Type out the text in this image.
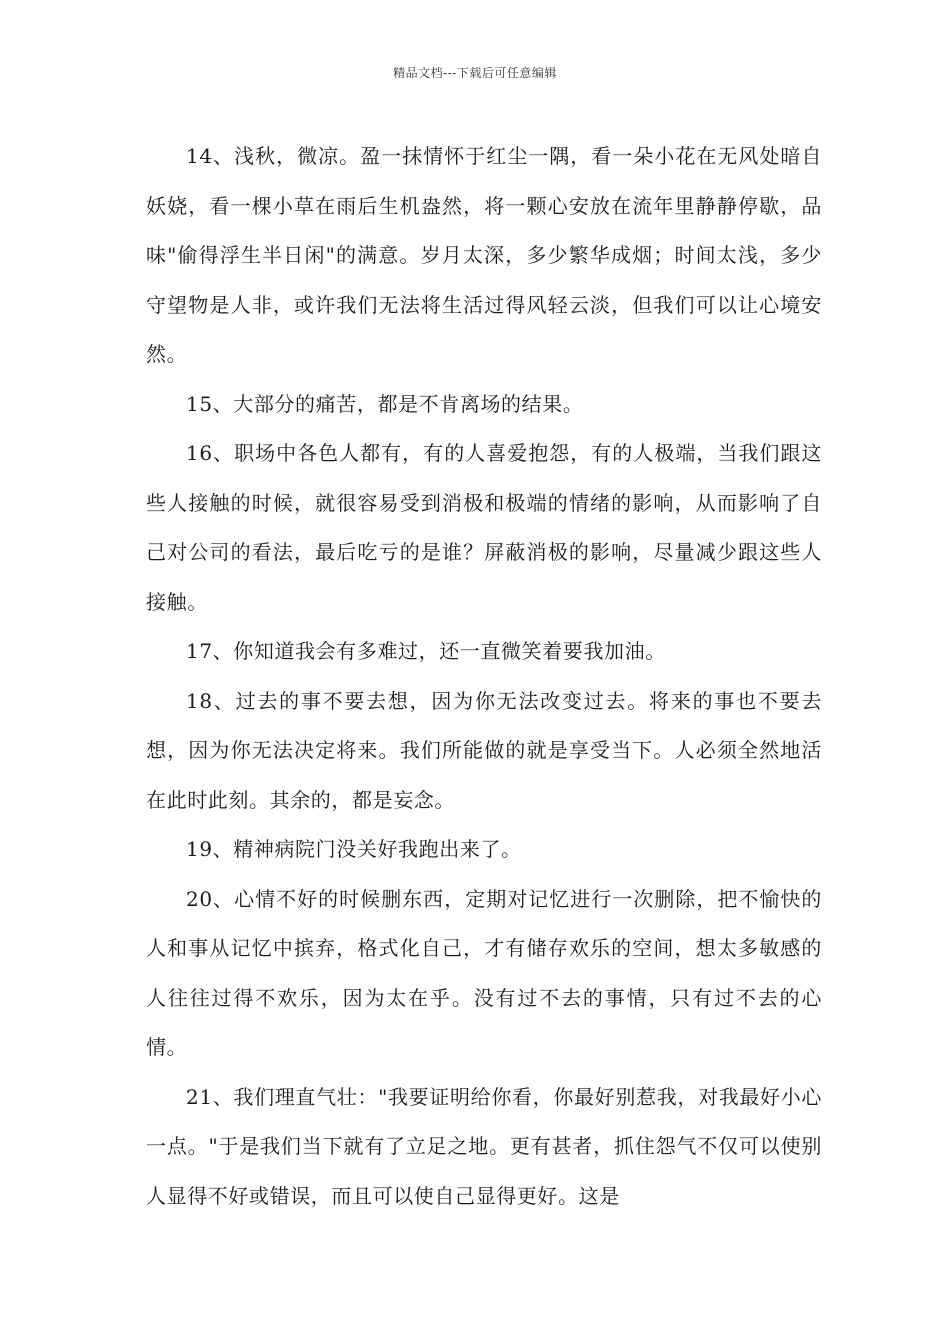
精品文档---下载后可任意编辑

14、浅秋，微凉。盈一抹情怀于红尘一隅，看一朵小花在无风处暗自妖娆，看一棵小草在雨后生机盎然，将一颗心安放在流年里静静停歇，品味"偷得浮生半日闲"的满意。岁月太深，多少繁华成烟；时间太浅，多少守望物是人非，或许我们无法将生活过得风轻云淡，但我们可以让心境安然。

15、大部分的痛苦，都是不肯离场的结果。

16、职场中各色人都有，有的人喜爱抱怨，有的人极端，当我们跟这些人接触的时候，就很容易受到消极和极端的情绪的影响，从而影响了自己对公司的看法，最后吃亏的是谁？屏蔽消极的影响，尽量减少跟这些人接触。

17、你知道我会有多难过，还一直微笑着要我加油。

18、过去的事不要去想，因为你无法改变过去。将来的事也不要去想，因为你无法决定将来。我们所能做的就是享受当下。人必须全然地活在此时此刻。其余的，都是妄念。

19、精神病院门没关好我跑出来了。

20、心情不好的时候删东西，定期对记忆进行一次删除，把不愉快的人和事从记忆中摈弃，格式化自己，才有储存欢乐的空间，想太多敏感的人往往过得不欢乐，因为太在乎。没有过不去的事情，只有过不去的心情。

21、我们理直气壮："我要证明给你看，你最好别惹我，对我最好小心一点。"于是我们当下就有了立足之地。更有甚者，抓住怨气不仅可以使别人显得不好或错误，而且可以使自己显得更好。这是
